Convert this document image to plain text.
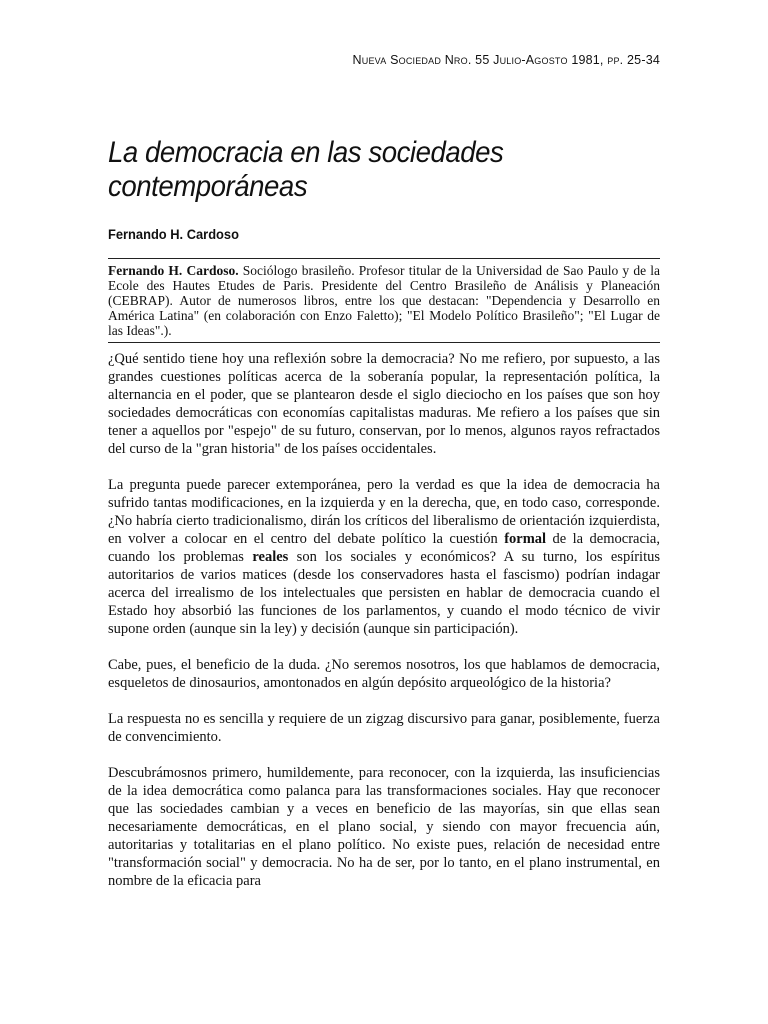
Nueva Sociedad Nro. 55 Julio-Agosto 1981, pp. 25-34
La democracia en las sociedades contemporáneas
Fernando H. Cardoso
Fernando H. Cardoso. Sociólogo brasileño. Profesor titular de la Universidad de Sao Paulo y de la Ecole des Hautes Etudes de Paris. Presidente del Centro Brasileño de Análisis y Planeación (CEBRAP). Autor de numerosos libros, entre los que destacan: "Dependencia y Desarrollo en América Latina" (en colaboración con Enzo Faletto); "El Modelo Político Brasileño"; "El Lugar de las Ideas".).

¿Qué sentido tiene hoy una reflexión sobre la democracia? No me refiero, por supuesto, a las grandes cuestiones políticas acerca de la soberanía popular, la representación política, la alternancia en el poder, que se plantearon desde el siglo dieciocho en los países que son hoy sociedades democráticas con economías capitalistas maduras. Me refiero a los países que sin tener a aquellos por "espejo" de su futuro, conservan, por lo menos, algunos rayos refractados del curso de la "gran historia" de los países occidentales.

La pregunta puede parecer extemporánea, pero la verdad es que la idea de democracia ha sufrido tantas modificaciones, en la izquierda y en la derecha, que, en todo caso, corresponde. ¿No habría cierto tradicionalismo, dirán los críticos del liberalismo de orientación izquierdista, en volver a colocar en el centro del debate político la cuestión formal de la democracia, cuando los problemas reales son los sociales y económicos? A su turno, los espíritus autoritarios de varios matices (desde los conservadores hasta el fascismo) podrían indagar acerca del irrealismo de los intelectuales que persisten en hablar de democracia cuando el Estado hoy absorbió las funciones de los parlamentos, y cuando el modo técnico de vivir supone orden (aunque sin la ley) y decisión (aunque sin participación).

Cabe, pues, el beneficio de la duda. ¿No seremos nosotros, los que hablamos de democracia, esqueletos de dinosaurios, amontonados en algún depósito arqueológico de la historia?

La respuesta no es sencilla y requiere de un zigzag discursivo para ganar, posiblemente, fuerza de convencimiento.

Descubrámosnos primero, humildemente, para reconocer, con la izquierda, las insuficiencias de la idea democrática como palanca para las transformaciones sociales. Hay que reconocer que las sociedades cambian y a veces en beneficio de las mayorías, sin que ellas sean necesariamente democráticas, en el plano social, y siendo con mayor frecuencia aún, autoritarias y totalitarias en el plano político. No existe pues, relación de necesidad entre "transformación social" y democracia. No ha de ser, por lo tanto, en el plano instrumental, en nombre de la eficacia para
